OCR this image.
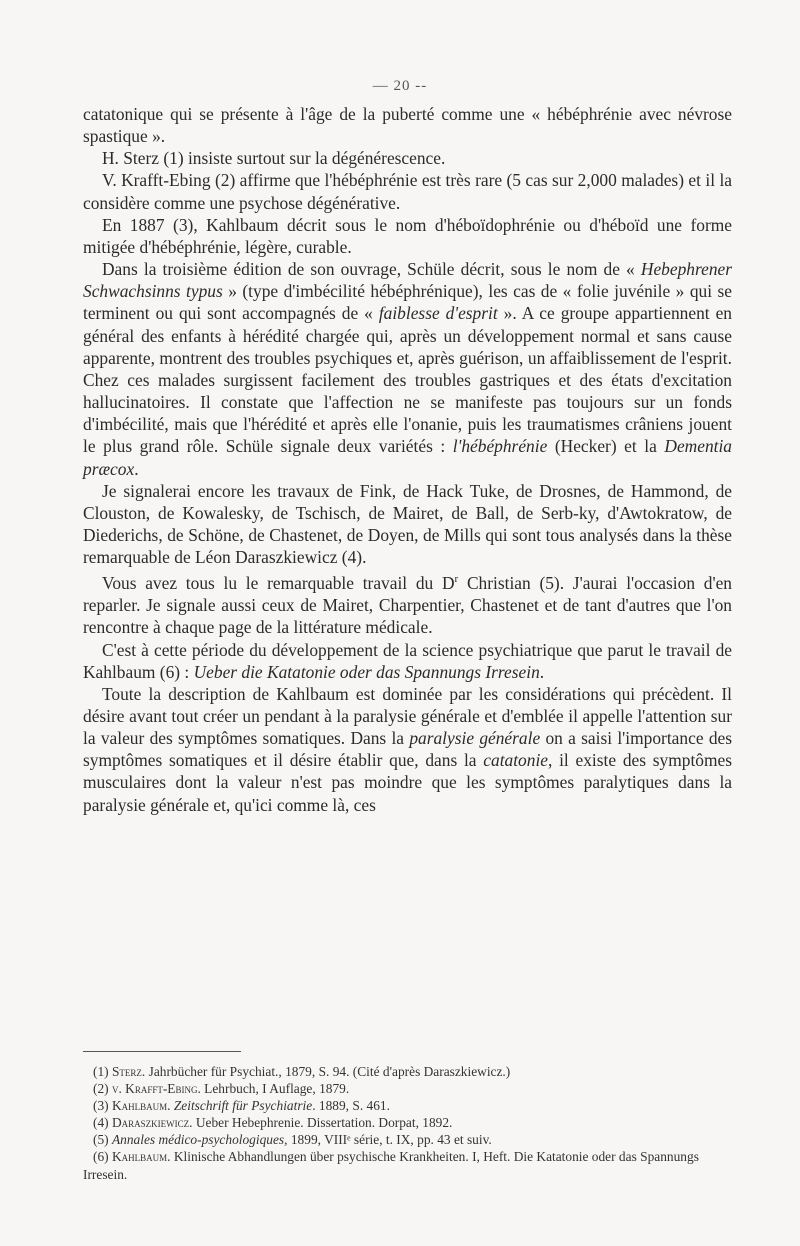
— 20 --

catatonique qui se présente à l'âge de la puberté comme une « hébéphrénie avec névrose spastique ».

H. Sterz (1) insiste surtout sur la dégénérescence.

V. Krafft-Ebing (2) affirme que l'hébéphrénie est très rare (5 cas sur 2,000 malades) et il la considère comme une psychose dégénérative.

En 1887 (3), Kahlbaum décrit sous le nom d'héboïdophrénie ou d'héboïd une forme mitigée d'hébéphrénie, légère, curable.

Dans la troisième édition de son ouvrage, Schüle décrit, sous le nom de « Hebephrener Schwachsinns typus » (type d'imbécilité hébéphrénique), les cas de « folie juvénile » qui se terminent ou qui sont accompagnés de « faiblesse d'esprit ». A ce groupe appartiennent en général des enfants à hérédité chargée qui, après un développement normal et sans cause apparente, montrent des troubles psychiques et, après guérison, un affaiblissement de l'esprit. Chez ces malades surgissent facilement des troubles gastriques et des états d'excitation hallucinatoires. Il constate que l'affection ne se manifeste pas toujours sur un fonds d'imbécilité, mais que l'hérédité et après elle l'onanie, puis les traumatismes crâniens jouent le plus grand rôle. Schüle signale deux variétés : l'hébéphrénie (Hecker) et la Dementia præcox.

Je signalerai encore les travaux de Fink, de Hack Tuke, de Drosnes, de Hammond, de Clouston, de Kowalesky, de Tschisch, de Mairet, de Ball, de Serb-ky, d'Awtokratow, de Diederichs, de Schöne, de Chastenet, de Doyen, de Mills qui sont tous analysés dans la thèse remarquable de Léon Daraszkiewicz (4).

Vous avez tous lu le remarquable travail du $D^r$ Christian (5). J'aurai l'occasion d'en reparler. Je signale aussi ceux de Mairet, Charpentier, Chastenet et de tant d'autres que l'on rencontre à chaque page de la littérature médicale.

C'est à cette période du développement de la science psychiatrique que parut le travail de Kahlbaum (6) : Ueber die Katatonie oder das Spannungs Irresein.

Toute la description de Kahlbaum est dominée par les considérations qui précèdent. Il désire avant tout créer un pendant à la paralysie générale et d'emblée il appelle l'attention sur la valeur des symptômes somatiques. Dans la paralysie générale on a saisi l'importance des symptômes somatiques et il désire établir que, dans la catatonie, il existe des symptômes musculaires dont la valeur n'est pas moindre que les symptômes paralytiques dans la paralysie générale et, qu'ici comme là, ces

(1) Sterz. Jahrbücher für Psychiat., 1879, S. 94. (Cité d'après Daraszkiewicz.)

(2) v. Krafft-Ebing. Lehrbuch, I Auflage, 1879.

(3) Kahlbaum. Zeitschrift für Psychiatrie. 1889, S. 461.

(4) Daraszkiewicz. Ueber Hebephrenie. Dissertation. Dorpat, 1892.

(5) Annales médico-psychologiques, 1899, VIIIᵉ série, t. IX, pp. 43 et suiv.

(6) Kahlbaum. Klinische Abhandlungen über psychische Krankheiten. I, Heft. Die Katatonie oder das Spannungs Irresein.
